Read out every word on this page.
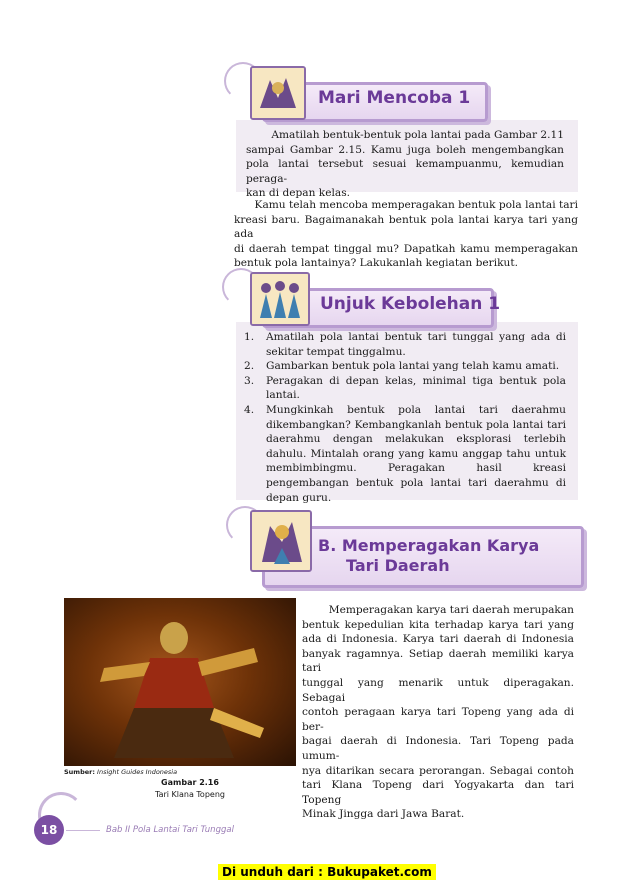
Mari Mencoba 1

Amatilah bentuk-bentuk pola lantai pada Gambar 2.11

sampai Gambar 2.15. Kamu juga boleh mengembangkan

pola lantai tersebut sesuai kemampuanmu, kemudian peraga-

kan di depan kelas.

Kamu telah mencoba memperagakan bentuk pola lantai tari

kreasi baru. Bagaimanakah bentuk pola lantai karya tari yang ada

di daerah tempat tinggal mu? Dapatkah kamu memperagakan

bentuk pola lantainya? Lakukanlah kegiatan berikut.

Unjuk Kebolehan 1
1.	Amatilah pola lantai bentuk tari tunggal yang ada di sekitar tempat tinggalmu.
2.	Gambarkan bentuk pola lantai yang telah kamu amati.
3.	Peragakan di depan kelas, minimal tiga bentuk pola lantai.
4.	Mungkinkah bentuk pola lantai tari daerahmu dikembangkan? Kembangkanlah bentuk pola lantai tari daerahmu dengan melakukan eksplorasi terlebih dahulu. Mintalah orang yang kamu anggap tahu untuk membimbingmu. Peragakan hasil kreasi pengembangan bentuk pola lantai tari daerahmu di depan guru.
B. Memperagakan Karya
Tari Daerah
Sumber: Insight Guides Indonesia
Gambar 2.16
Tari Klana Topeng

Memperagakan karya tari daerah merupakan

bentuk kepedulian kita terhadap karya tari yang

ada di Indonesia. Karya tari daerah di Indonesia

banyak ragamnya. Setiap daerah memiliki karya tari

tunggal yang menarik untuk diperagakan. Sebagai

contoh peragaan karya tari Topeng yang ada di ber-

bagai daerah di Indonesia. Tari Topeng pada umum-

nya ditarikan secara perorangan. Sebagai contoh

tari Klana Topeng dari Yogyakarta dan tari Topeng

Minak Jingga dari Jawa Barat.

18	Bab II Pola Lantai Tari Tunggal
Di unduh dari : Bukupaket.com
